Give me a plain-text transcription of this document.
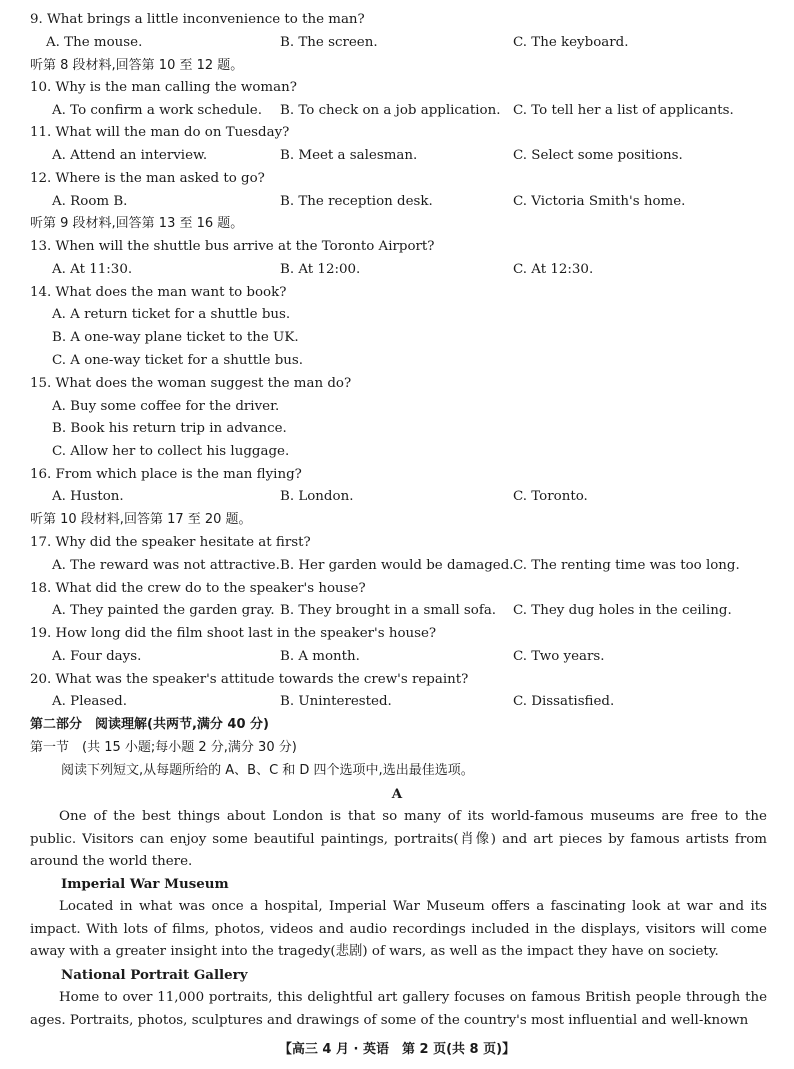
9. What brings a little inconvenience to the man?
A. The mouse.	B. The screen.	C. The keyboard.
听第 8 段材料,回答第 10 至 12 题。
10. Why is the man calling the woman?
A. To confirm a work schedule. B. To check on a job application. C. To tell her a list of applicants.
11. What will the man do on Tuesday?
A. Attend an interview.	B. Meet a salesman.	C. Select some positions.
12. Where is the man asked to go?
A. Room B.	B. The reception desk.	C. Victoria Smith's home.
听第 9 段材料,回答第 13 至 16 题。
13. When will the shuttle bus arrive at the Toronto Airport?
A. At 11:30.	B. At 12:00.	C. At 12:30.
14. What does the man want to book?
A. A return ticket for a shuttle bus.
B. A one-way plane ticket to the UK.
C. A one-way ticket for a shuttle bus.
15. What does the woman suggest the man do?
A. Buy some coffee for the driver.
B. Book his return trip in advance.
C. Allow her to collect his luggage.
16. From which place is the man flying?
A. Huston.	B. London.	C. Toronto.
听第 10 段材料,回答第 17 至 20 题。
17. Why did the speaker hesitate at first?
A. The reward was not attractive. B. Her garden would be damaged. C. The renting time was too long.
18. What did the crew do to the speaker's house?
A. They painted the garden gray. B. They brought in a small sofa. C. They dug holes in the ceiling.
19. How long did the film shoot last in the speaker's house?
A. Four days.	B. A month.	C. Two years.
20. What was the speaker's attitude towards the crew's repaint?
A. Pleased.	B. Uninterested.	C. Dissatisfied.
第二部分　阅读理解(共两节,满分 40 分)
第一节　(共 15 小题;每小题 2 分,满分 30 分)
阅读下列短文,从每题所给的 A、B、C 和 D 四个选项中,选出最佳选项。
A
One of the best things about London is that so many of its world-famous museums are free to the public. Visitors can enjoy some beautiful paintings, portraits(肖像) and art pieces by famous artists from around the world there.
Imperial War Museum
Located in what was once a hospital, Imperial War Museum offers a fascinating look at war and its impact. With lots of films, photos, videos and audio recordings included in the displays, visitors will come away with a greater insight into the tragedy(悲剧) of wars, as well as the impact they have on society.
National Portrait Gallery
Home to over 11,000 portraits, this delightful art gallery focuses on famous British people through the ages. Portraits, photos, sculptures and drawings of some of the country's most influential and well-known
【高三 4 月 · 英语　第 2 页(共 8 页)】
